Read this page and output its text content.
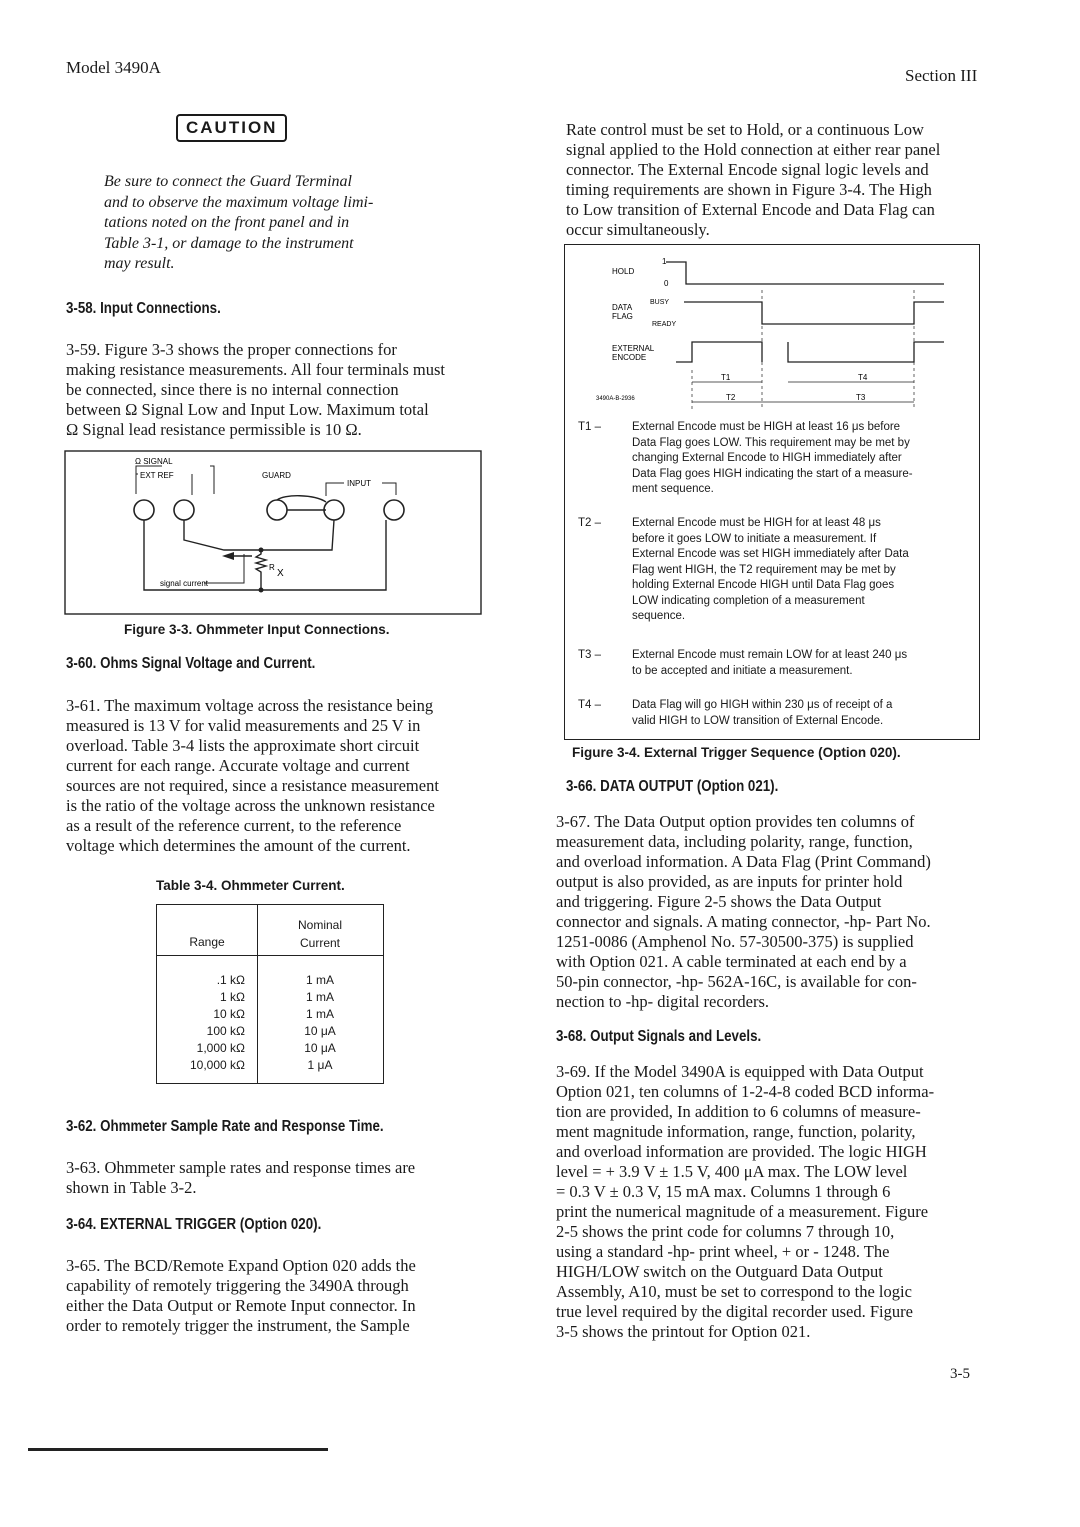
Model 3490A	Section III
CAUTION

Be sure to connect the Guard Terminal

and to observe the maximum voltage limi-

tations noted on the front panel and in

Table 3-1, or damage to the instrument

may result.

3-58. Input Connections.

3-59. Figure 3-3 shows the proper connections for

making resistance measurements. All four terminals must

be connected, since there is no internal connection

between Ω Signal Low and Input Low. Maximum total

Ω Signal lead resistance permissible is 10 Ω.

Ω SIGNAL
EXT REF	GUARD
INPUT
signal current
R
X
Figure 3-3. Ohmmeter Input Connections.
3-60. Ohms Signal Voltage and Current.

3-61. The maximum voltage across the resistance being

measured is 13 V for valid measurements and 25 V in

overload. Table 3-4 lists the approximate short circuit

current for each range. Accurate voltage and current

sources are not required, since a resistance measurement

is the ratio of the voltage across the unknown resistance

as a result of the reference current, to the reference

voltage which determines the amount of the current.

Table 3-4. Ohmmeter Current.
Range
Nominal
Current
.1 kΩ	1 mA
1 kΩ	1 mA
10 kΩ	1 mA
100 kΩ	10 μA
1,000 kΩ	10 μA
10,000 kΩ	1 μA
3-62. Ohmmeter Sample Rate and Response Time.

3-63. Ohmmeter sample rates and response times are

shown in Table 3-2.

3-64. EXTERNAL TRIGGER (Option 020).

3-65. The BCD/Remote Expand Option 020 adds the

capability of remotely triggering the 3490A through

either the Data Output or Remote Input connector. In

order to remotely trigger the instrument, the Sample

Rate control must be set to Hold, or a continuous Low

signal applied to the Hold connection at either rear panel

connector. The External Encode signal logic levels and

timing requirements are shown in Figure 3-4. The High

to Low transition of External Encode and Data Flag can

occur simultaneously.

HOLD
1
0
DATA
FLAG
BUSY
READY
EXTERNAL
ENCODE
T1
T2	T3
T4
3490A-B-2936
T1 –	External Encode must be HIGH at least 16 μs before
Data Flag goes LOW. This requirement may be met by
changing External Encode to HIGH immediately after
Data Flag goes HIGH indicating the start of a measure-
ment sequence.
T2 –	External Encode must be HIGH for at least 48 μs
before it goes LOW to initiate a measurement. If
External Encode was set HIGH immediately after Data
Flag went HIGH, the T2 requirement may be met by
holding External Encode HIGH until Data Flag goes
LOW indicating completion of a measurement
sequence.
T3 –	External Encode must remain LOW for at least 240 μs
to be accepted and initiate a measurement.
T4 –	Data Flag will go HIGH within 230 μs of receipt of a
valid HIGH to LOW transition of External Encode.
Figure 3-4. External Trigger Sequence (Option 020).
3-66. DATA OUTPUT (Option 021).

3-67. The Data Output option provides ten columns of

measurement data, including polarity, range, function,

and overload information. A Data Flag (Print Command)

output is also provided, as are inputs for printer hold

and triggering. Figure 2-5 shows the Data Output

connector and signals. A mating connector, -hp- Part No.

1251-0086 (Amphenol No. 57-30500-375) is supplied

with Option 021. A cable terminated at each end by a

50-pin connector, -hp- 562A-16C, is available for con-

nection to -hp- digital recorders.

3-68. Output Signals and Levels.

3-69. If the Model 3490A is equipped with Data Output

Option 021, ten columns of 1-2-4-8 coded BCD informa-

tion are provided, In addition to 6 columns of measure-

ment magnitude information, range, function, polarity,

and overload information are provided. The logic HIGH

level = + 3.9 V ± 1.5 V, 400 μA max. The LOW level

= 0.3 V ± 0.3 V, 15 mA max. Columns 1 through 6

print the numerical magnitude of a measurement. Figure

2-5 shows the print code for columns 7 through 10,

using a standard -hp- print wheel, + or - 1248. The

HIGH/LOW switch on the Outguard Data Output

Assembly, A10, must be set to correspond to the logic

true level required by the digital recorder used. Figure

3-5 shows the printout for Option 021.

3-5
